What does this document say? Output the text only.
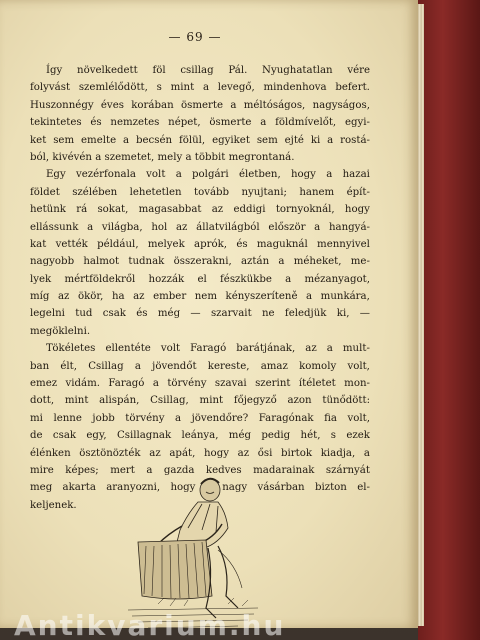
— 69 —
Így növelkedett föl csillag Pál. Nyughatatlan vére
folyvást szemlélődött, s mint a levegő, mindenhova befert.
Huszonnégy éves korában ösmerte a méltóságos, nagyságos,
tekintetes és nemzetes népet, ösmerte a földmívelőt, egyi-
ket sem emelte a becsén fölül, egyiket sem ejté ki a rostá-
ból, kivévén a szemetet, mely a többit megrontaná.
Egy vezérfonala volt a polgári életben, hogy a hazai
földet szélében lehetetlen tovább nyujtani; hanem épít-
hetünk rá sokat, magasabbat az eddigi tornyoknál, hogy
ellássunk a világba, hol az állatvilágból először a hangyá-
kat vették például, melyek aprók, és maguknál mennyivel
nagyobb halmot tudnak összerakni, aztán a méheket, me-
lyek mértföldekről hozzák el fészkükbe a mézanyagot,
míg az ökör, ha az ember nem kényszeríteně a munkára,
legelni tud csak és még — szarvait ne feledjük ki, —
megöklelni.
Tökéletes ellentéte volt Faragó barátjának, az a mult-
ban élt, Csillag a jövendőt kereste, amaz komoly volt,
emez vidám. Faragó a törvény szavai szerint ítéletet mon-
dott, mint alispán, Csillag, mint főjegyző azon tünődött:
mi lenne jobb törvény a jövendőre? Faragónak fia volt,
de csak egy, Csillagnak leánya, még pedig hét, s ezek
élénken ösztönözték az apát, hogy az ősi birtok kiadja, a
mire képes; mert a gazda kedves madarainak szárnyát
meg akarta aranyozni, hogy	nagy vásárban bizton el-
keljenek.
Antikvarium.hu
